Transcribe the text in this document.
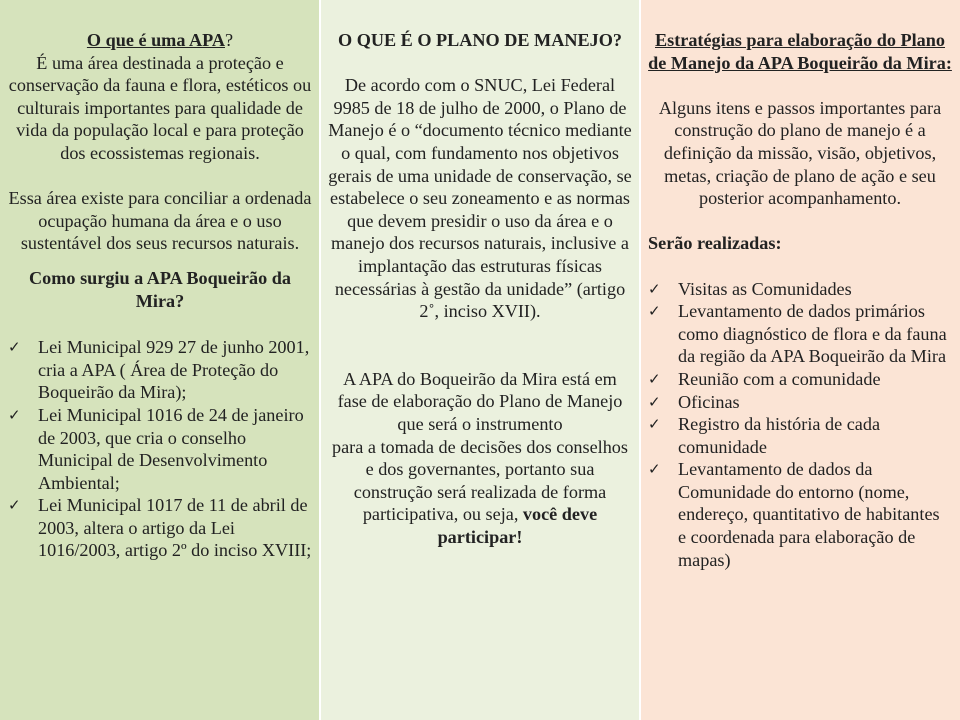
O que é uma APA?

É uma área destinada a proteção e conservação da fauna e flora, estéticos ou culturais importantes para qualidade de vida da população local e para proteção dos ecossistemas regionais.

Essa área existe para conciliar a ordenada ocupação humana da área e o uso sustentável dos seus recursos naturais.

Como surgiu a APA Boqueirão da Mira?

✓ Lei Municipal 929 27 de junho 2001, cria a APA ( Área de Proteção do Boqueirão da Mira);
✓ Lei Municipal 1016 de 24 de janeiro de 2003, que cria o conselho Municipal de Desenvolvimento Ambiental;
✓ Lei Municipal 1017 de 11 de abril de 2003, altera o artigo da Lei 1016/2003, artigo 2º do inciso XVIII;

O QUE É O PLANO DE MANEJO?

De acordo com o SNUC, Lei Federal 9985 de 18 de julho de 2000, o Plano de Manejo é o “documento técnico mediante o qual, com fundamento nos objetivos gerais de uma unidade de conservação, se estabelece o seu zoneamento e as normas que devem presidir o uso da área e o manejo dos recursos naturais, inclusive a implantação das estruturas físicas necessárias à gestão da unidade” (artigo 2˚, inciso XVII).

A APA do Boqueirão da Mira está em fase de elaboração do Plano de Manejo que será o instrumento

para a tomada de decisões dos conselhos e dos governantes, portanto sua construção será realizada de forma participativa, ou seja, você deve participar!

Estratégias para elaboração do Plano de Manejo da APA Boqueirão da Mira:

Alguns itens e passos importantes para construção do plano de manejo é a definição da missão, visão, objetivos, metas, criação de plano de ação e seu posterior acompanhamento.

Serão realizadas:

✓ Visitas as Comunidades
✓ Levantamento de dados primários como diagnóstico de flora e da fauna da região da APA Boqueirão da Mira
✓ Reunião com a comunidade
✓ Oficinas
✓ Registro da história de cada comunidade
✓ Levantamento de dados da Comunidade do entorno (nome, endereço, quantitativo de habitantes e coordenada para elaboração de mapas)
